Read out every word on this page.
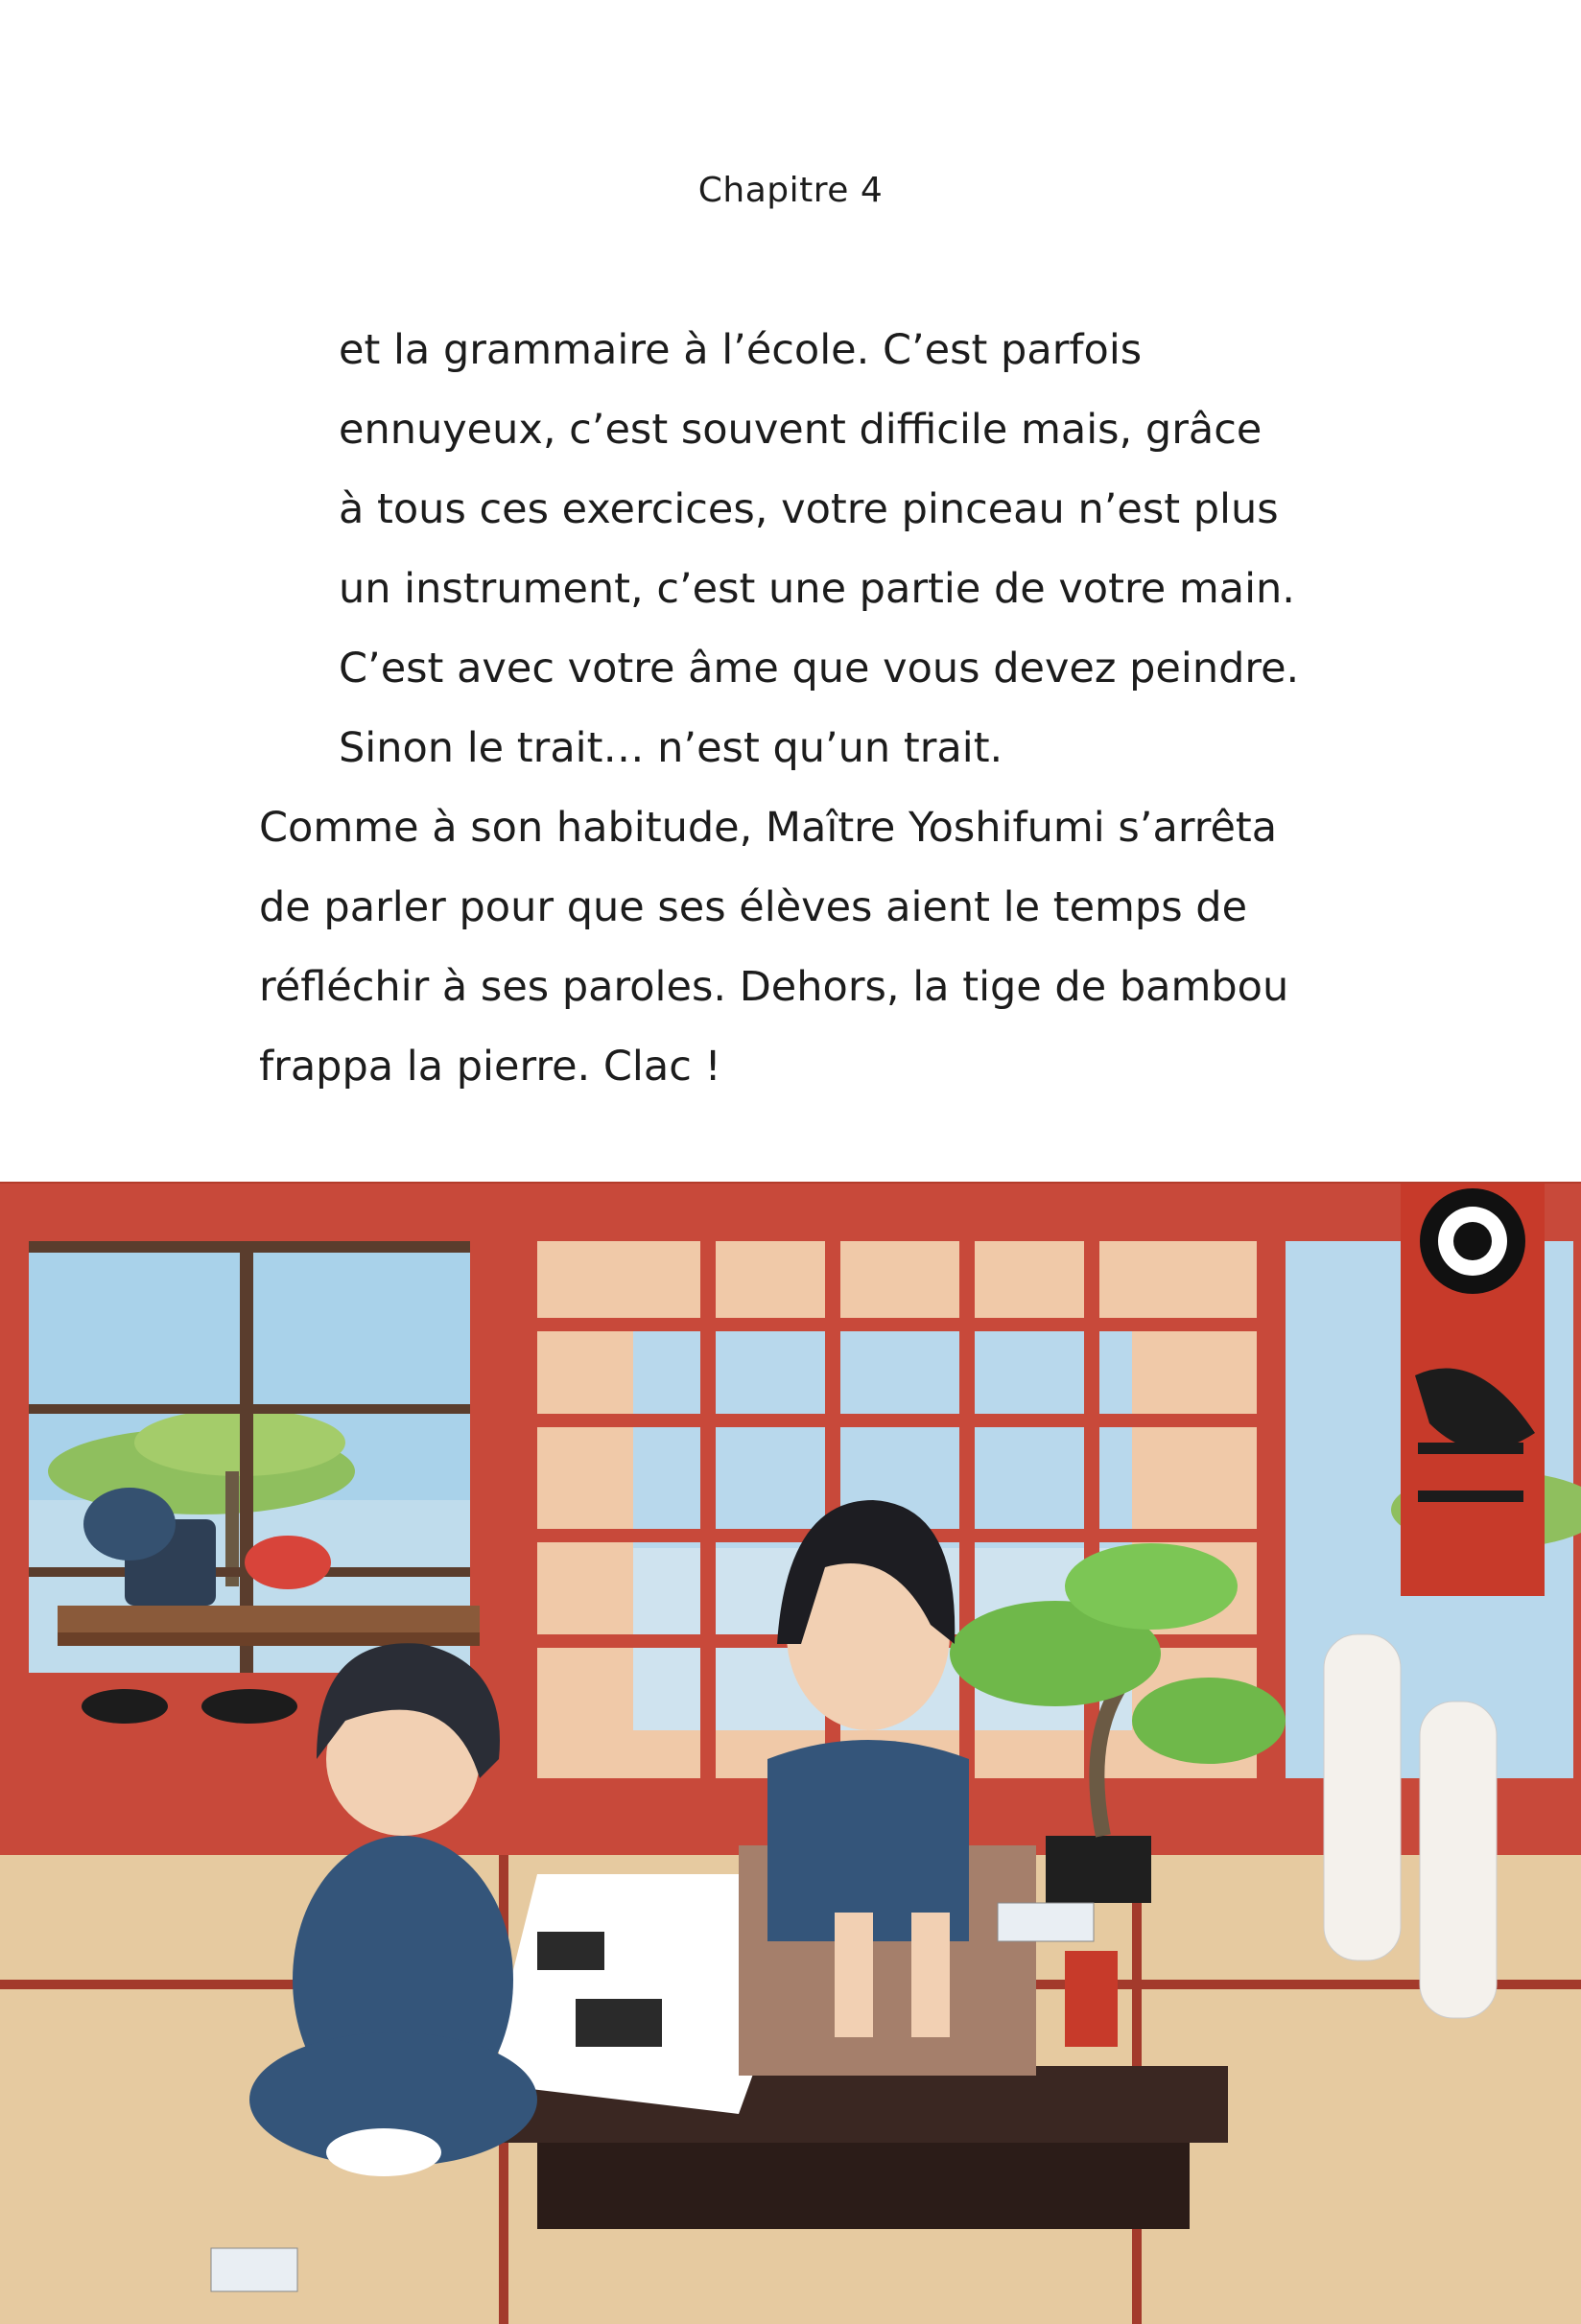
Chapitre 4
et la grammaire à l’école. C’est parfois
ennuyeux, c’est souvent difficile mais, grâce
à tous ces exercices, votre pinceau n’est plus
un instrument, c’est une partie de votre main.
C’est avec votre âme que vous devez peindre.
Sinon le trait… n’est qu’un trait.
Comme à son habitude, Maître Yoshifumi s’arrêta
de parler pour que ses élèves aient le temps de
réfléchir à ses paroles. Dehors, la tige de bambou
frappa la pierre. Clac !
